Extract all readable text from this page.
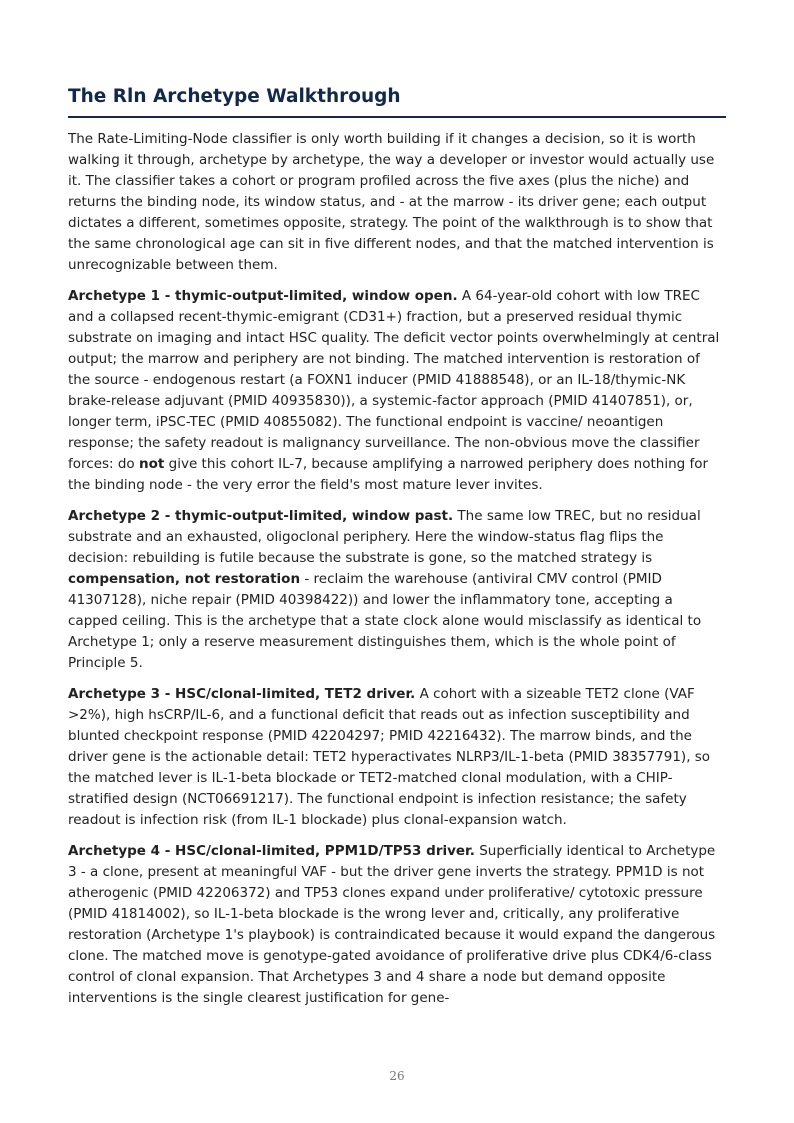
The Rln Archetype Walkthrough

The Rate-Limiting-Node classifier is only worth building if it changes a decision, so it is worth walking it through, archetype by archetype, the way a developer or investor would actually use it. The classifier takes a cohort or program profiled across the five axes (plus the niche) and returns the binding node, its window status, and - at the marrow - its driver gene; each output dictates a different, sometimes opposite, strategy. The point of the walkthrough is to show that the same chronological age can sit in five different nodes, and that the matched intervention is unrecognizable between them.

Archetype 1 - thymic-output-limited, window open. A 64-year-old cohort with low TREC and a collapsed recent-thymic-emigrant (CD31+) fraction, but a preserved residual thymic substrate on imaging and intact HSC quality. The deficit vector points overwhelmingly at central output; the marrow and periphery are not binding. The matched intervention is restoration of the source - endogenous restart (a FOXN1 inducer (PMID 41888548), or an IL-18/thymic-NK brake-release adjuvant (PMID 40935830)), a systemic-factor approach (PMID 41407851), or, longer term, iPSC-TEC (PMID 40855082). The functional endpoint is vaccine/ neoantigen response; the safety readout is malignancy surveillance. The non-obvious move the classifier forces: do not give this cohort IL-7, because amplifying a narrowed periphery does nothing for the binding node - the very error the field's most mature lever invites.

Archetype 2 - thymic-output-limited, window past. The same low TREC, but no residual substrate and an exhausted, oligoclonal periphery. Here the window-status flag flips the decision: rebuilding is futile because the substrate is gone, so the matched strategy is compensation, not restoration - reclaim the warehouse (antiviral CMV control (PMID 41307128), niche repair (PMID 40398422)) and lower the inflammatory tone, accepting a capped ceiling. This is the archetype that a state clock alone would misclassify as identical to Archetype 1; only a reserve measurement distinguishes them, which is the whole point of Principle 5.

Archetype 3 - HSC/clonal-limited, TET2 driver. A cohort with a sizeable TET2 clone (VAF >2%), high hsCRP/IL-6, and a functional deficit that reads out as infection susceptibility and blunted checkpoint response (PMID 42204297; PMID 42216432). The marrow binds, and the driver gene is the actionable detail: TET2 hyperactivates NLRP3/IL-1-beta (PMID 38357791), so the matched lever is IL-1-beta blockade or TET2-matched clonal modulation, with a CHIP-stratified design (NCT06691217). The functional endpoint is infection resistance; the safety readout is infection risk (from IL-1 blockade) plus clonal-expansion watch.

Archetype 4 - HSC/clonal-limited, PPM1D/TP53 driver. Superficially identical to Archetype 3 - a clone, present at meaningful VAF - but the driver gene inverts the strategy. PPM1D is not atherogenic (PMID 42206372) and TP53 clones expand under proliferative/ cytotoxic pressure (PMID 41814002), so IL-1-beta blockade is the wrong lever and, critically, any proliferative restoration (Archetype 1's playbook) is contraindicated because it would expand the dangerous clone. The matched move is genotype-gated avoidance of proliferative drive plus CDK4/6-class control of clonal expansion. That Archetypes 3 and 4 share a node but demand opposite interventions is the single clearest justification for gene-

26
